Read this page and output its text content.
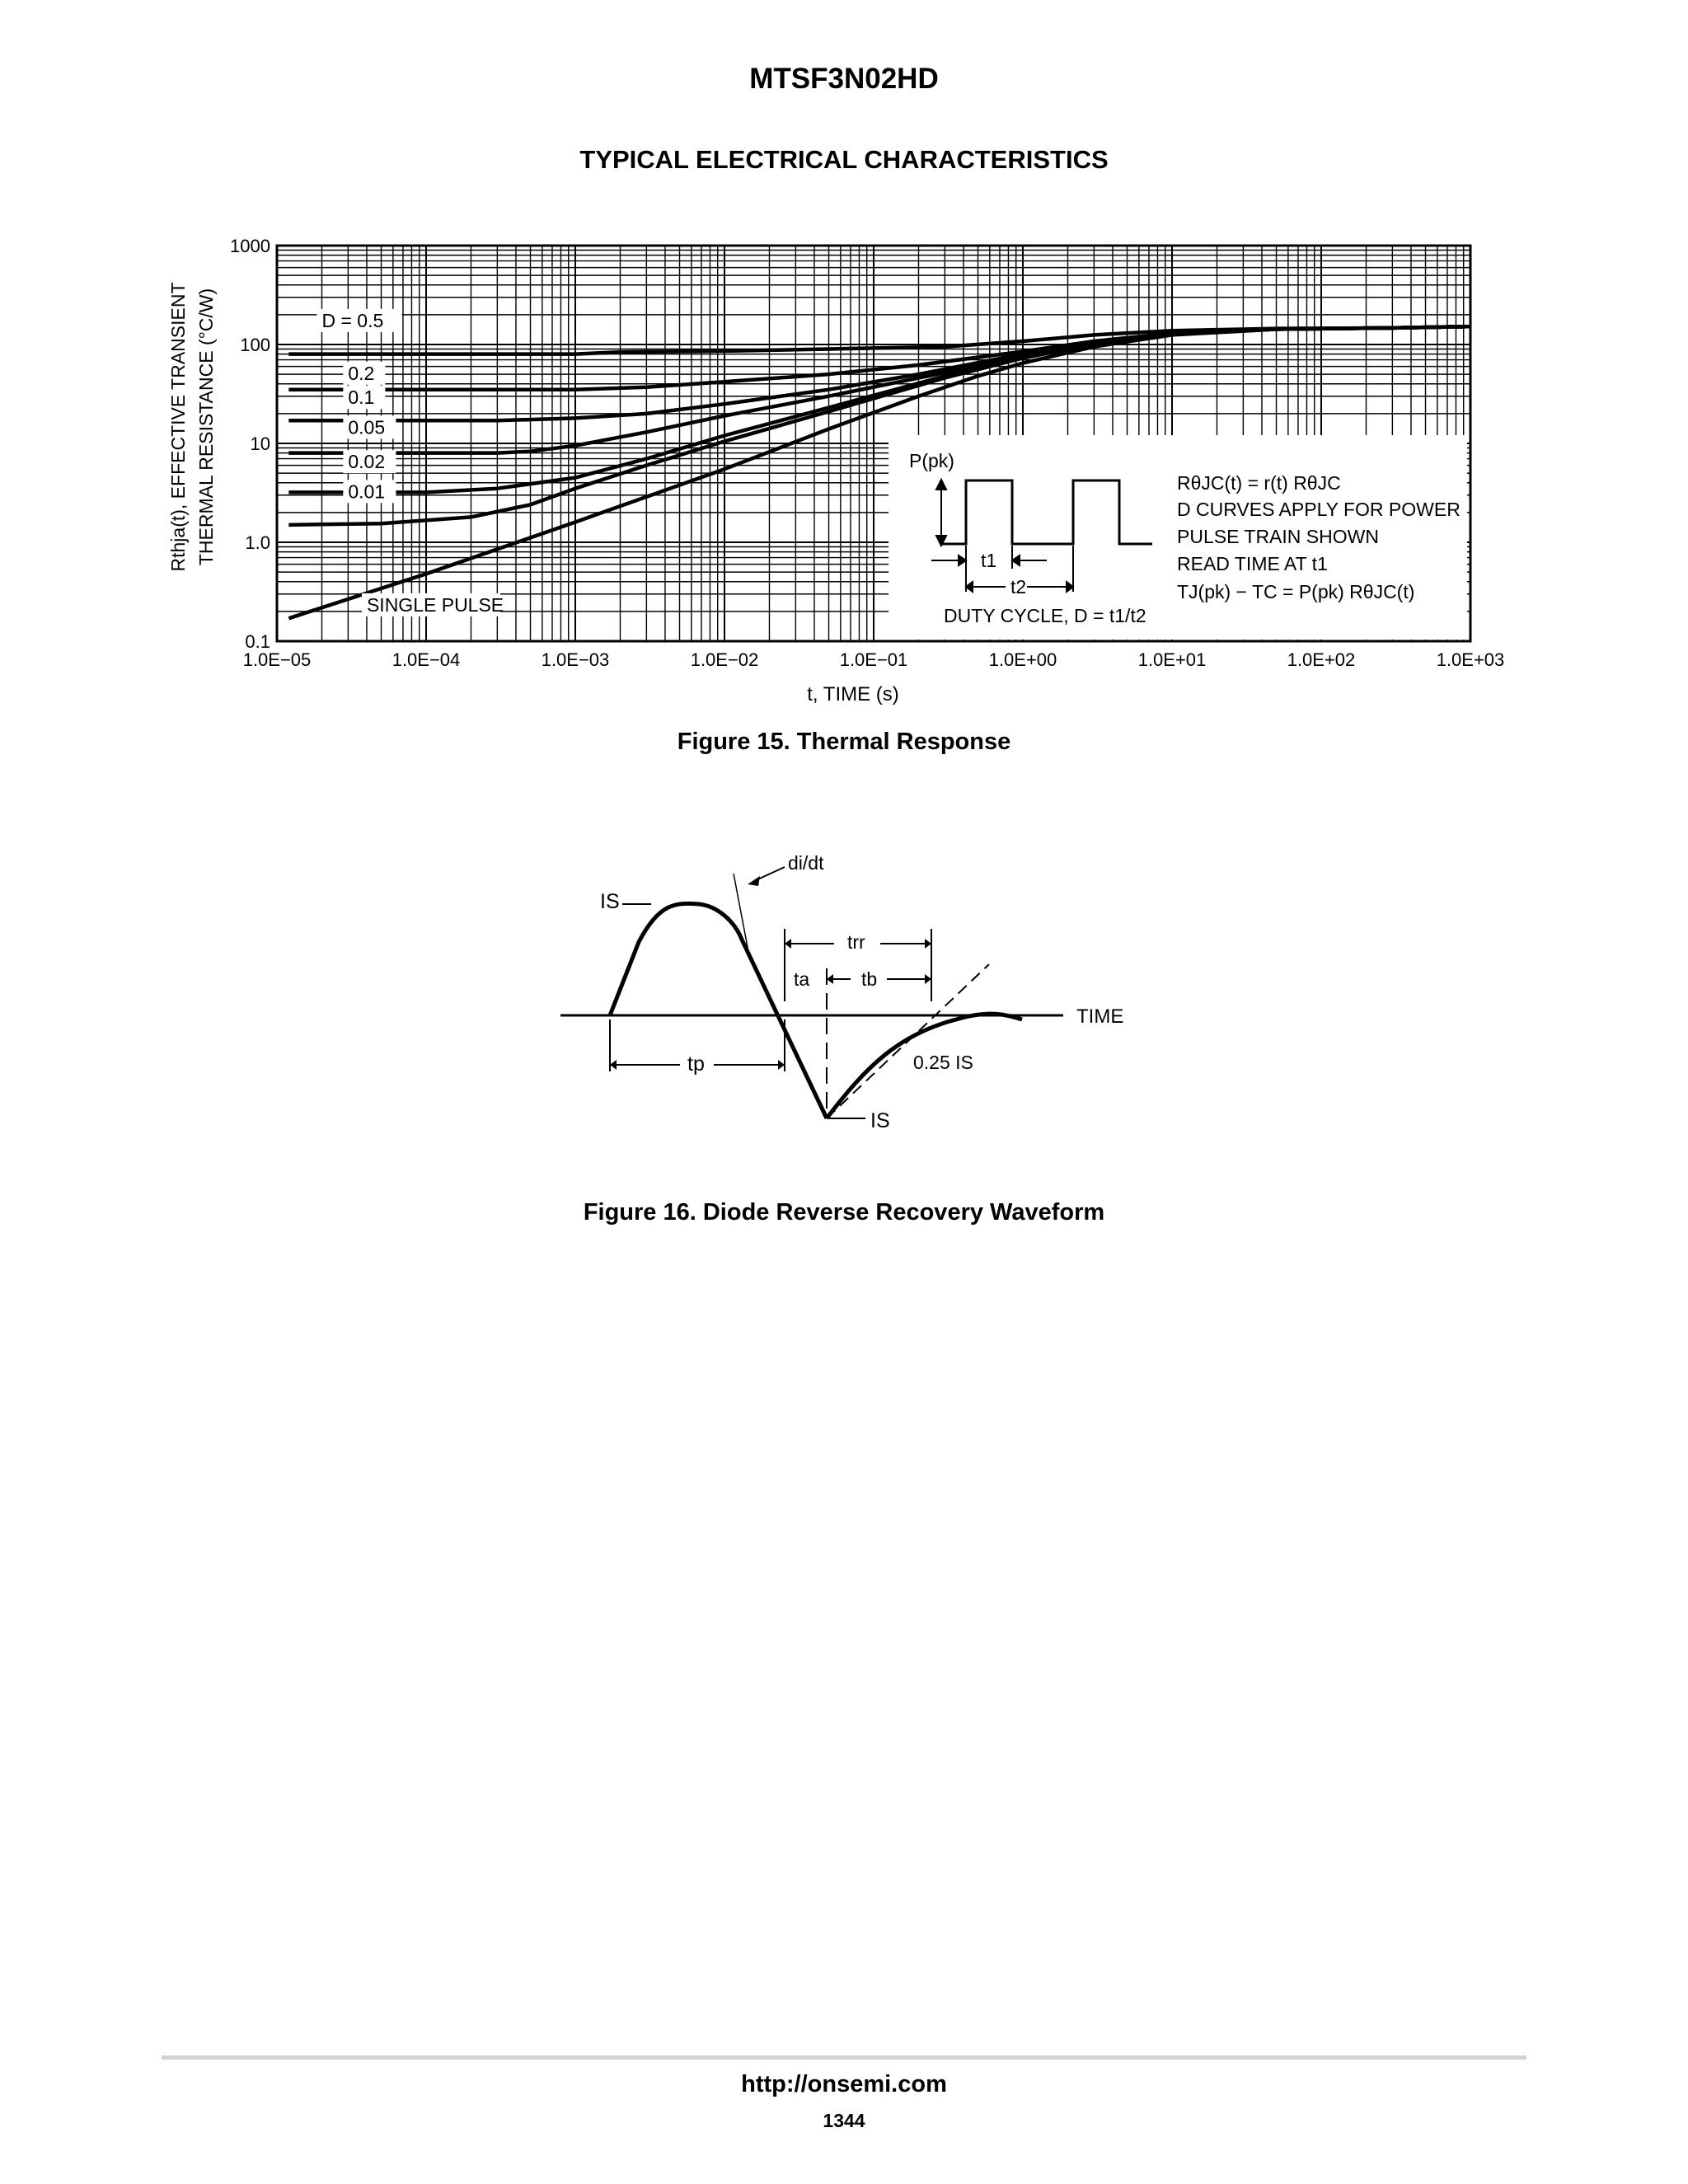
MTSF3N02HD
TYPICAL ELECTRICAL CHARACTERISTICS
1.0E−05	1.0E−04	1.0E−03	1.0E−02	1.0E−01	1.0E+00	1.0E+01	1.0E+02	1.0E+03
0.1
1.0
10
100
1000
D = 0.5
0.2
0.1
0.05
0.02
0.01
SINGLE PULSE
P(pk)
t1
t2
DUTY CYCLE, D = t1/t2
RθJC(t) = r(t) RθJC
D CURVES APPLY FOR POWER
PULSE TRAIN SHOWN
READ TIME AT t1
TJ(pk) − TC = P(pk) RθJC(t)
t, TIME (s)
Rthja(t), EFFECTIVE TRANSIENT THERMAL RESISTANCE (°C/W)
Figure 15. Thermal Response
TIME
di/dt
IS
trr
ta	tb
tp	0.25 IS
IS
Figure 16. Diode Reverse Recovery Waveform
http://onsemi.com
1344
